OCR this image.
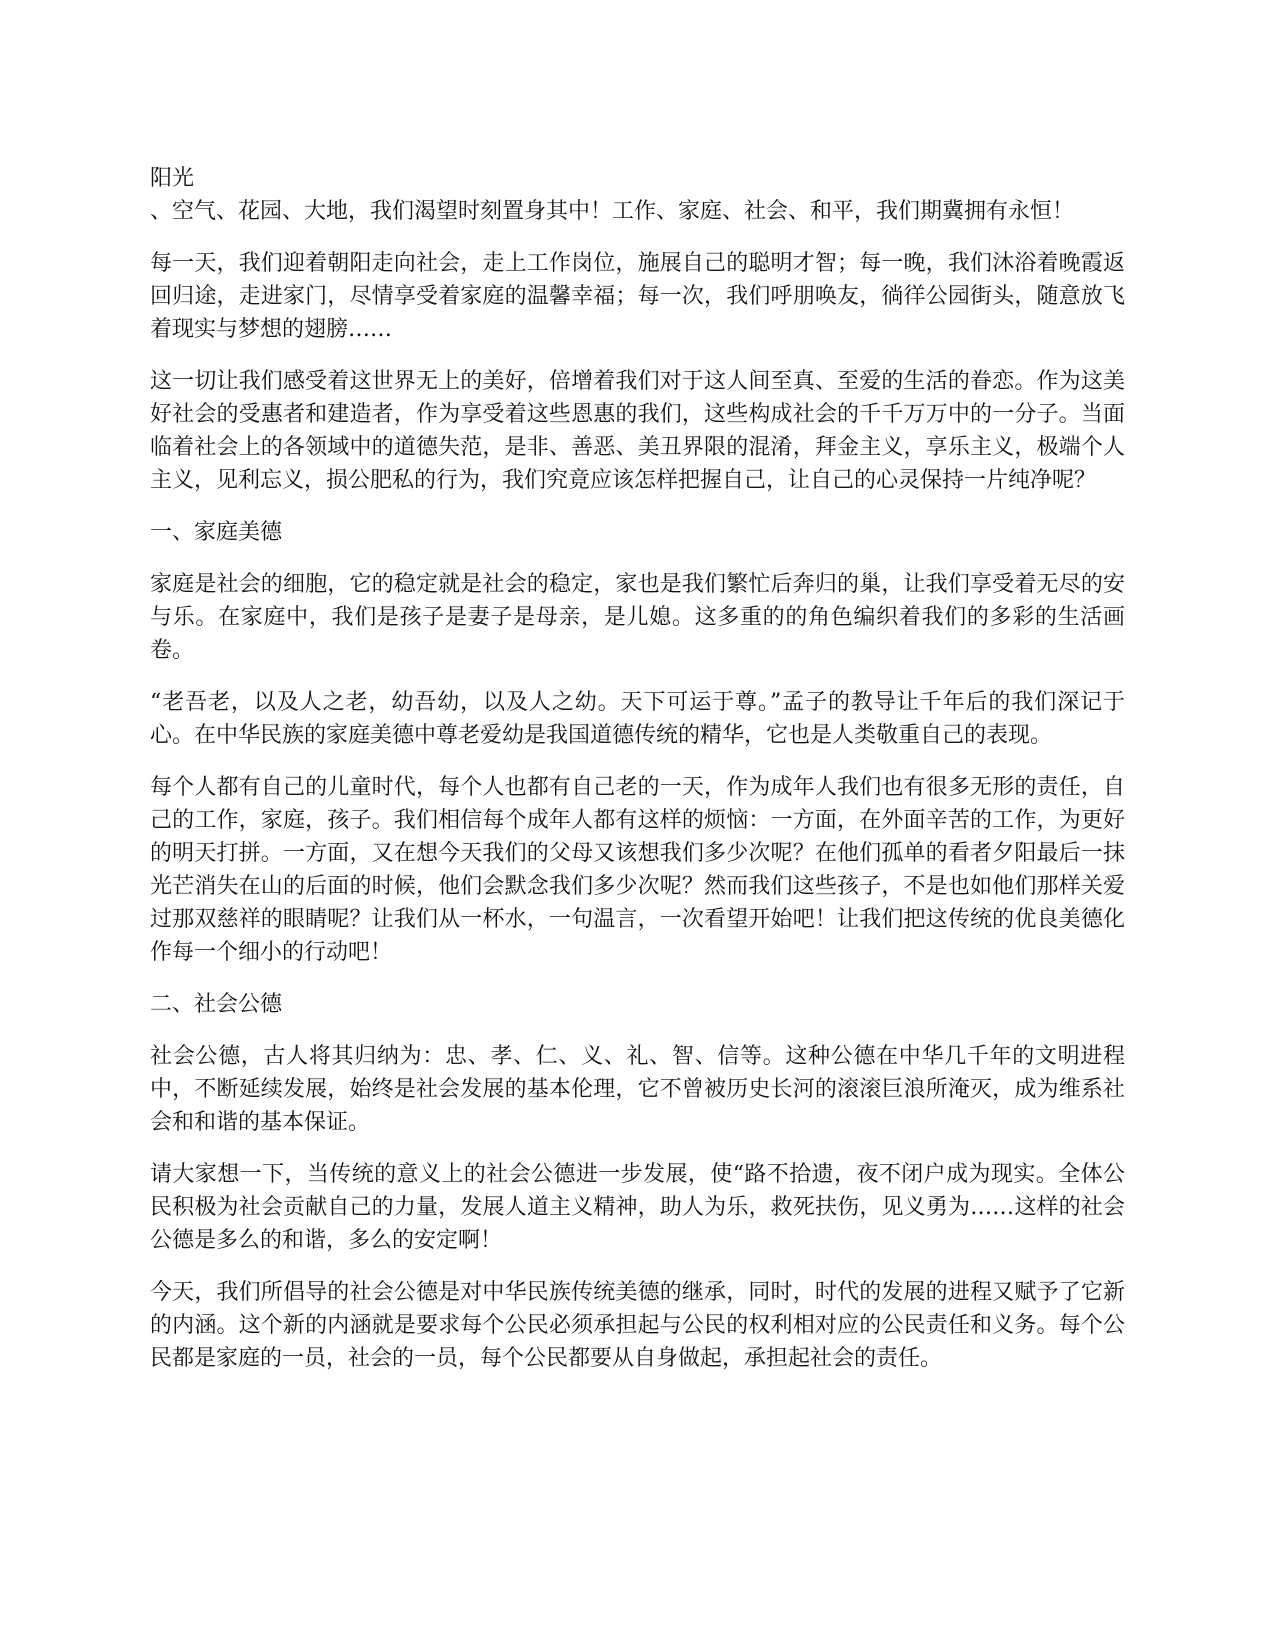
阳光

、空气、花园、大地，我们渴望时刻置身其中！工作、家庭、社会、和平，我们期冀拥有永恒！

每一天，我们迎着朝阳走向社会，走上工作岗位，施展自己的聪明才智；每一晚，我们沐浴着晚霞返回归途，走进家门，尽情享受着家庭的温馨幸福；每一次，我们呼朋唤友，徜徉公园街头，随意放飞着现实与梦想的翅膀……

这一切让我们感受着这世界无上的美好，倍增着我们对于这人间至真、至爱的生活的眷恋。作为这美好社会的受惠者和建造者，作为享受着这些恩惠的我们，这些构成社会的千千万万中的一分子。当面临着社会上的各领域中的道德失范，是非、善恶、美丑界限的混淆，拜金主义，享乐主义，极端个人主义，见利忘义，损公肥私的行为，我们究竟应该怎样把握自己，让自己的心灵保持一片纯净呢？

一、家庭美德

家庭是社会的细胞，它的稳定就是社会的稳定，家也是我们繁忙后奔归的巢，让我们享受着无尽的安与乐。在家庭中，我们是孩子是妻子是母亲，是儿媳。这多重的的角色编织着我们的多彩的生活画卷。

“老吾老，以及人之老，幼吾幼，以及人之幼。天下可运于尊。”孟子的教导让千年后的我们深记于心。在中华民族的家庭美德中尊老爱幼是我国道德传统的精华，它也是人类敬重自己的表现。

每个人都有自己的儿童时代，每个人也都有自己老的一天，作为成年人我们也有很多无形的责任，自己的工作，家庭，孩子。我们相信每个成年人都有这样的烦恼：一方面，在外面辛苦的工作，为更好的明天打拼。一方面，又在想今天我们的父母又该想我们多少次呢？在他们孤单的看者夕阳最后一抹光芒消失在山的后面的时候，他们会默念我们多少次呢？然而我们这些孩子，不是也如他们那样关爱过那双慈祥的眼睛呢？让我们从一杯水，一句温言，一次看望开始吧！让我们把这传统的优良美德化作每一个细小的行动吧！

二、社会公德

社会公德，古人将其归纳为：忠、孝、仁、义、礼、智、信等。这种公德在中华几千年的文明进程中，不断延续发展，始终是社会发展的基本伦理，它不曾被历史长河的滚滚巨浪所淹灭，成为维系社会和和谐的基本保证。

请大家想一下，当传统的意义上的社会公德进一步发展，使“路不拾遗，夜不闭户成为现实。全体公民积极为社会贡献自己的力量，发展人道主义精神，助人为乐，救死扶伤，见义勇为……这样的社会公德是多么的和谐，多么的安定啊！

今天，我们所倡导的社会公德是对中华民族传统美德的继承，同时，时代的发展的进程又赋予了它新的内涵。这个新的内涵就是要求每个公民必须承担起与公民的权利相对应的公民责任和义务。每个公民都是家庭的一员，社会的一员，每个公民都要从自身做起，承担起社会的责任。
